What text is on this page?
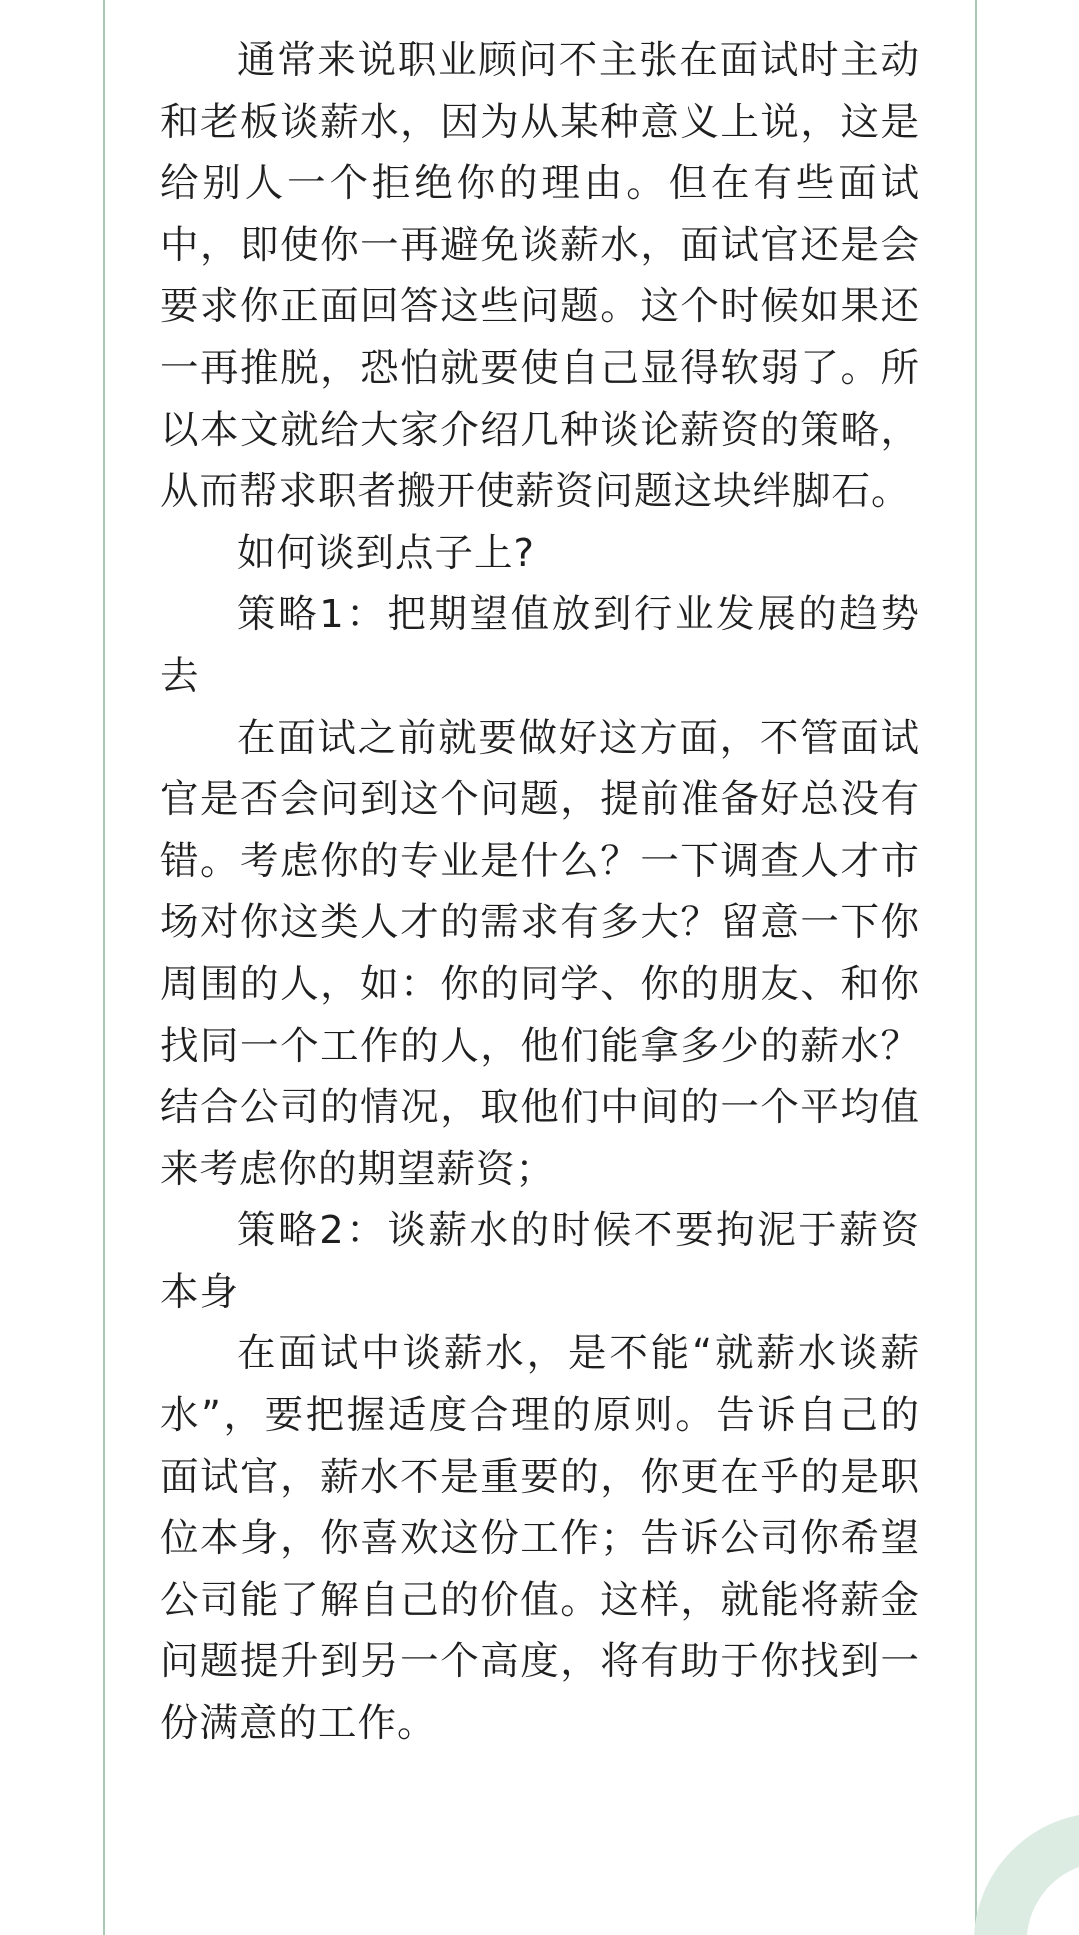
通常来说职业顾问不主张在面试时主动和老板谈薪水，因为从某种意义上说，这是给别人一个拒绝你的理由。但在有些面试中，即使你一再避免谈薪水，面试官还是会要求你正面回答这些问题。这个时候如果还一再推脱，恐怕就要使自己显得软弱了。所以本文就给大家介绍几种谈论薪资的策略，从而帮求职者搬开使薪资问题这块绊脚石。

如何谈到点子上?

策略1：把期望值放到行业发展的趋势去

在面试之前就要做好这方面，不管面试官是否会问到这个问题，提前准备好总没有错。考虑你的专业是什么？一下调查人才市场对你这类人才的需求有多大？留意一下你周围的人，如：你的同学、你的朋友、和你找同一个工作的人，他们能拿多少的薪水？结合公司的情况，取他们中间的一个平均值来考虑你的期望薪资；

策略2：谈薪水的时候不要拘泥于薪资本身

在面试中谈薪水，是不能“就薪水谈薪水”，要把握适度合理的原则。告诉自己的面试官，薪水不是重要的，你更在乎的是职位本身，你喜欢这份工作；告诉公司你希望公司能了解自己的价值。这样，就能将薪金问题提升到另一个高度，将有助于你找到一份满意的工作。
